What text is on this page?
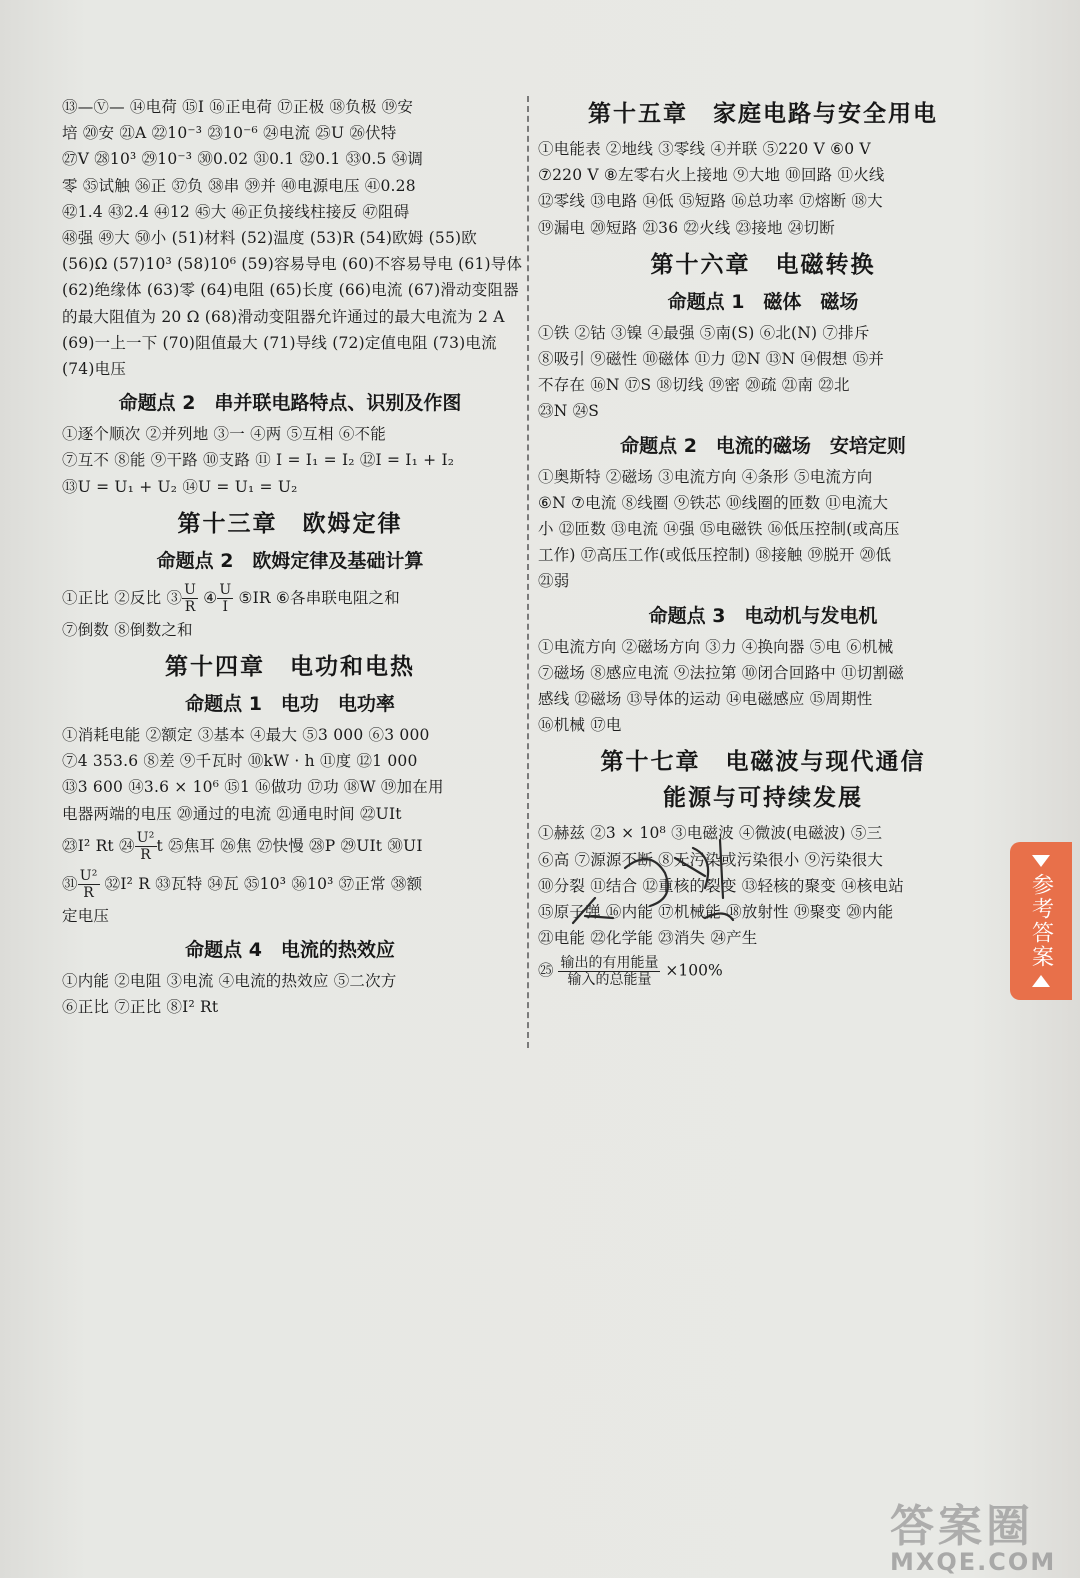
⑬—Ⓥ— ⑭电荷 ⑮I ⑯正电荷 ⑰正极 ⑱负极 ⑲安
培 ⑳安 ㉑A ㉒10⁻³ ㉓10⁻⁶ ㉔电流 ㉕U ㉖伏特
㉗V ㉘10³ ㉙10⁻³ ㉚0.02 ㉛0.1 ㉜0.1 ㉝0.5 ㉞调
零 ㉟试触 ㊱正 ㊲负 ㊳串 ㊴并 ㊵电源电压 ㊶0.28
㊷1.4 ㊸2.4 ㊹12 ㊺大 ㊻正负接线柱接反 ㊼阻碍
㊽强 ㊾大 ㊿小 (51)材料 (52)温度 (53)R (54)欧姆 (55)欧
(56)Ω (57)10³ (58)10⁶ (59)容易导电 (60)不容易导电 (61)导体
(62)绝缘体 (63)零 (64)电阻 (65)长度 (66)电流 (67)滑动变阻器
的最大阻值为 20 Ω (68)滑动变阻器允许通过的最大电流为 2 A
(69)一上一下 (70)阻值最大 (71)导线 (72)定值电阻 (73)电流
(74)电压
命题点 2　串并联电路特点、识别及作图
①逐个顺次 ②并列地 ③一 ④两 ⑤互相 ⑥不能
⑦互不 ⑧能 ⑨干路 ⑩支路 ⑪ I = I₁ = I₂ ⑫I = I₁ + I₂
⑬U = U₁ + U₂ ⑭U = U₁ = U₂
第十三章　欧姆定律
命题点 2　欧姆定律及基础计算
①正比 ②反比 ③ $\frac{U}{R}$ ④ $\frac{U}{I}$ ⑤IR ⑥各串联电阻之和
⑦倒数 ⑧倒数之和
第十四章　电功和电热
命题点 1　电功　电功率
①消耗电能 ②额定 ③基本 ④最大 ⑤3 000 ⑥3 000
⑦4 353.6 ⑧差 ⑨千瓦时 ⑩kW · h ⑪度 ⑫1 000
⑬3 600 ⑭3.6 × 10⁶ ⑮1 ⑯做功 ⑰功 ⑱W ⑲加在用
电器两端的电压 ⑳通过的电流 ㉑通电时间 ㉒UIt
㉓I² Rt ㉔ $\frac{\text{U²}}{R}$ t ㉕焦耳 ㉖焦 ㉗快慢 ㉘P ㉙UIt ㉚UI
㉛ $\frac{\text{U²}}{R}$ ㉜I² R ㉝瓦特 ㉞瓦 ㉟10³ ㊱10³ ㊲正常 ㊳额
定电压
命题点 4　电流的热效应
①内能 ②电阻 ③电流 ④电流的热效应 ⑤二次方
⑥正比 ⑦正比 ⑧I² Rt
第十五章　家庭电路与安全用电
①电能表 ②地线 ③零线 ④并联 ⑤220 V ⑥0 V
⑦220 V ⑧左零右火上接地 ⑨大地 ⑩回路 ⑪火线
⑫零线 ⑬电路 ⑭低 ⑮短路 ⑯总功率 ⑰熔断 ⑱大
⑲漏电 ⑳短路 ㉑36 ㉒火线 ㉓接地 ㉔切断
第十六章　电磁转换
命题点 1　磁体　磁场
①铁 ②钴 ③镍 ④最强 ⑤南(S) ⑥北(N) ⑦排斥
⑧吸引 ⑨磁性 ⑩磁体 ⑪力 ⑫N ⑬N ⑭假想 ⑮并
不存在 ⑯N ⑰S ⑱切线 ⑲密 ⑳疏 ㉑南 ㉒北
㉓N ㉔S
命题点 2　电流的磁场　安培定则
①奥斯特 ②磁场 ③电流方向 ④条形 ⑤电流方向
⑥N ⑦电流 ⑧线圈 ⑨铁芯 ⑩线圈的匝数 ⑪电流大
小 ⑫匝数 ⑬电流 ⑭强 ⑮电磁铁 ⑯低压控制(或高压
工作) ⑰高压工作(或低压控制) ⑱接触 ⑲脱开 ⑳低
㉑弱
命题点 3　电动机与发电机
①电流方向 ②磁场方向 ③力 ④换向器 ⑤电 ⑥机械
⑦磁场 ⑧感应电流 ⑨法拉第 ⑩闭合回路中 ⑪切割磁
感线 ⑫磁场 ⑬导体的运动 ⑭电磁感应 ⑮周期性
⑯机械 ⑰电
第十七章　电磁波与现代通信
能源与可持续发展
①赫兹 ②3 × 10⁸ ③电磁波 ④微波(电磁波) ⑤三
⑥高 ⑦源源不断 ⑧无污染或污染很小 ⑨污染很大
⑩分裂 ⑪结合 ⑫重核的裂变 ⑬轻核的聚变 ⑭核电站
⑮原子弹 ⑯内能 ⑰机械能 ⑱放射性 ⑲聚变 ⑳内能
㉑电能 ㉒化学能 ㉓消失 ㉔产生
㉕ $\frac{\text{输出的有用能量}}{\text{输入的总能量}} \times 100\%$
参考答案
答案圈
MXQE.COM
